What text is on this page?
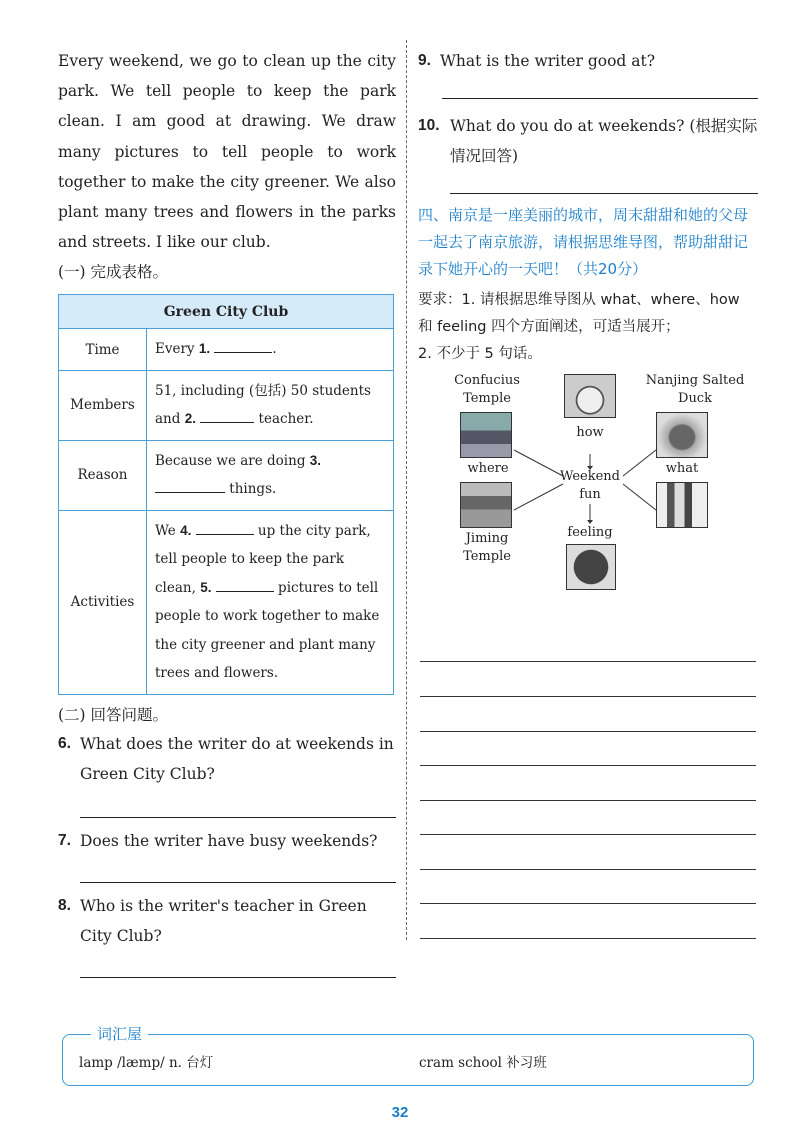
Every weekend, we go to clean up the city park. We tell people to keep the park clean. I am good at drawing. We draw many pictures to tell people to work together to make the city greener. We also plant many trees and flowers in the parks and streets. I like our club.

(一) 完成表格。
Green City Club	
Time	Every 1. .
Members	51, including (包括) 50 students and 2. teacher.
Reason	Because we are doing 3.  things.
Activities	We 4. up the city park, tell people to keep the park clean, 5. pictures to tell people to work together to make the city greener and plant many trees and flowers.
(二) 回答问题。
6. What does the writer do at weekends in Green City Club?
7. Does the writer have busy weekends?
8. Who is the writer's teacher in Green City Club?
9. What is the writer good at?
10. What do you do at weekends? (根据实际情况回答)

四、南京是一座美丽的城市，周末甜甜和她的父母一起去了南京旅游，请根据思维导图，帮助甜甜记录下她开心的一天吧！（共20分）

要求：1. 请根据思维导图从 what、where、how 和 feeling 四个方面阐述，可适当展开；

2. 不少于 5 句话。

Confucius Temple
where
Jiming Temple
how
Weekend fun
feeling
Nanjing Salted Duck
what
词汇屋
lamp /læmp/ n. 台灯	cram school 补习班
32
